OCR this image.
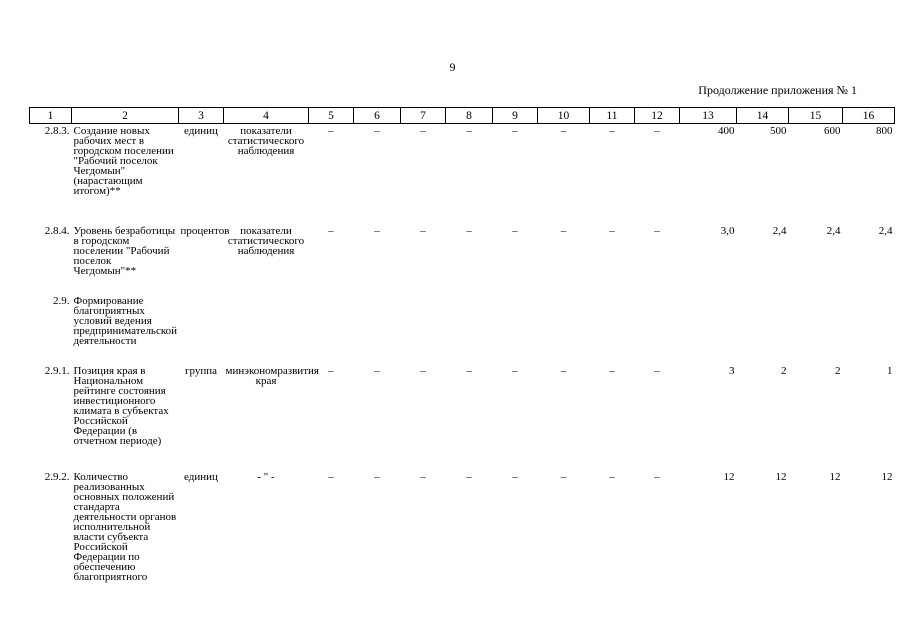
9
Продолжение приложения № 1
1	2	3	4	5	6	7	8	9	10	11	12	13	14	15	16
2.8.3.	Создание новых рабочих мест в городском поселении "Рабочий поселок Чегдомын" (нарастающим итогом)**	единиц	показатели статистического наблюдения	–	–	–	–	–	–	–	–	400	500	600	800
2.8.4.	Уровень безработицы в городском поселении "Рабочий поселок Чегдомын"**	процентов	показатели статистического наблюдения	–	–	–	–	–	–	–	–	3,0	2,4	2,4	2,4
2.9.	Формирование благоприятных условий ведения предпринимательской деятельности														
2.9.1.	Позиция края в Национальном рейтинге состояния инвестиционного климата в субъектах Российской Федерации (в отчетном периоде)	группа	минэкономразвития края	–	–	–	–	–	–	–	–	3	2	2	1
2.9.2.	Количество реализованных основных положений стандарта деятельности органов исполнительной власти субъекта Российской Федерации по обеспечению благоприятного	единиц	- " -	–	–	–	–	–	–	–	–	12	12	12	12
